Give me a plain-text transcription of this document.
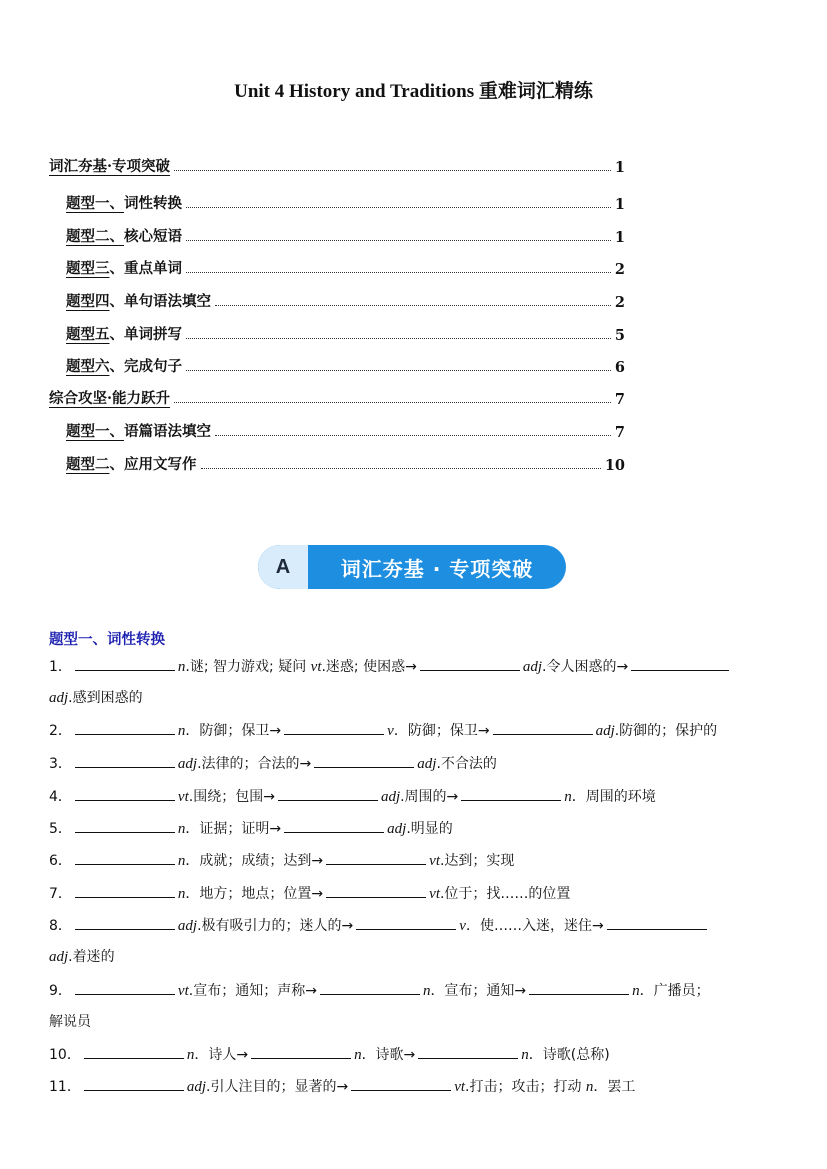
Unit 4 History and Traditions 重难词汇精练
词汇夯基·专项突破	1
题型一、词性转换	1
题型二、核心短语	1
题型三、重点单词	2
题型四、单句语法填空	2
题型五、单词拼写	5
题型六、完成句子	6
综合攻坚·能力跃升	7
题型一、语篇语法填空	7
题型二、应用文写作	10
A	词汇夯基 · 专项突破
题型一、词性转换
1．	n.谜; 智力游戏; 疑问 vt.迷惑; 使困惑→	adj.令人困惑的→
adj.感到困惑的
2．	n．防御；保卫→	v．防御；保卫→	adj.防御的；保护的
3．	adj.法律的；合法的→	adj.不合法的
4．	vt.围绕；包围→	adj.周围的→	n．周围的环境
5．	n．证据；证明→	adj.明显的
6．	n．成就；成绩；达到→	vt.达到；实现
7．	n．地方；地点；位置→	vt.位于；找……的位置
8．	adj.极有吸引力的；迷人的→	v．使……入迷，迷住→
adj.着迷的
9．	vt.宣布；通知；声称→	n．宣布；通知→	n．广播员；
解说员
10．	n．诗人→	n．诗歌→	n．诗歌(总称)
11．	adj.引人注目的；显著的→	vt.打击；攻击；打动 n．罢工
